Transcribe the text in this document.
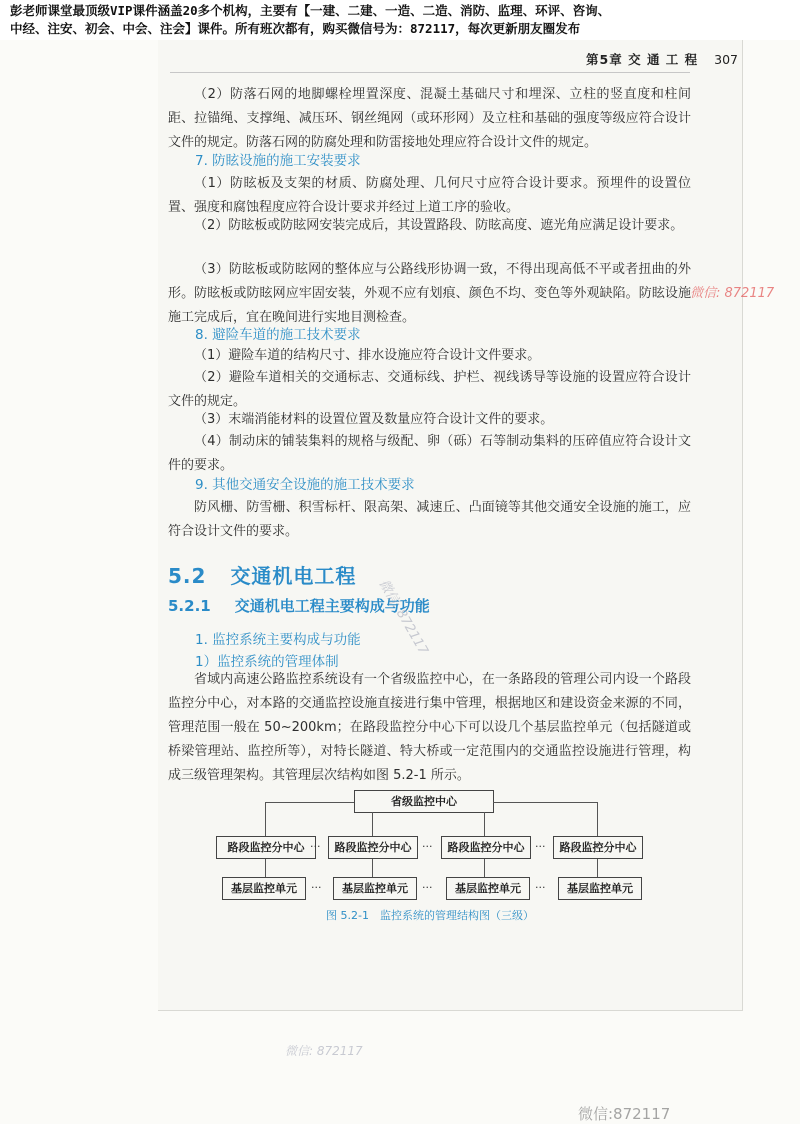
彭老师课堂最顶级VIP课件涵盖20多个机构，主要有【一建、二建、一造、二造、消防、监理、环评、咨询、
中经、注安、初会、中会、注会】课件。所有班次都有，购买微信号为：872117，每次更新朋友圈发布
第5章 交 通 工 程 307

（2）防落石网的地脚螺栓埋置深度、混凝土基础尺寸和埋深、立柱的竖直度和柱间距、拉锚绳、支撑绳、减压环、钢丝绳网（或环形网）及立柱和基础的强度等级应符合设计文件的规定。防落石网的防腐处理和防雷接地处理应符合设计文件的规定。

7. 防眩设施的施工安装要求

（1）防眩板及支架的材质、防腐处理、几何尺寸应符合设计要求。预埋件的设置位置、强度和腐蚀程度应符合设计要求并经过上道工序的验收。

（2）防眩板或防眩网安装完成后，其设置路段、防眩高度、遮光角应满足设计要求。

（3）防眩板或防眩网的整体应与公路线形协调一致，不得出现高低不平或者扭曲的外形。防眩板或防眩网应牢固安装，外观不应有划痕、颜色不均、变色等外观缺陷。防眩设施施工完成后，宜在晚间进行实地目测检查。

8. 避险车道的施工技术要求

（1）避险车道的结构尺寸、排水设施应符合设计文件要求。

（2）避险车道相关的交通标志、交通标线、护栏、视线诱导等设施的设置应符合设计文件的规定。

（3）末端消能材料的设置位置及数量应符合设计文件的要求。

（4）制动床的铺装集料的规格与级配、卵（砾）石等制动集料的压碎值应符合设计文件的要求。

9. 其他交通安全设施的施工技术要求

防风栅、防雪栅、积雪标杆、限高架、减速丘、凸面镜等其他交通安全设施的施工，应符合设计文件的要求。

5.2 交通机电工程
5.2.1 交通机电工程主要构成与功能
1. 监控系统主要构成与功能
1）监控系统的管理体制

省域内高速公路监控系统设有一个省级监控中心，在一条路段的管理公司内设一个路段监控分中心，对本路的交通监控设施直接进行集中管理，根据地区和建设资金来源的不同，管理范围一般在 50~200km；在路段监控分中心下可以设几个基层监控单元（包括隧道或桥梁管理站、监控所等），对特长隧道、特大桥或一定范围内的交通监控设施进行管理，构成三级管理架构。其管理层次结构如图 5.2-1 所示。

省级监控中心
路段监控分中心 ···	路段监控分中心 ···	路段监控分中心 ···	路段监控分中心
基层监控单元	···	基层监控单元	···	基层监控单元	···	基层监控单元
图 5.2-1　监控系统的管理结构图（三级）
微信: 872117
微信: 872117
微信: 872117
微信:872117
